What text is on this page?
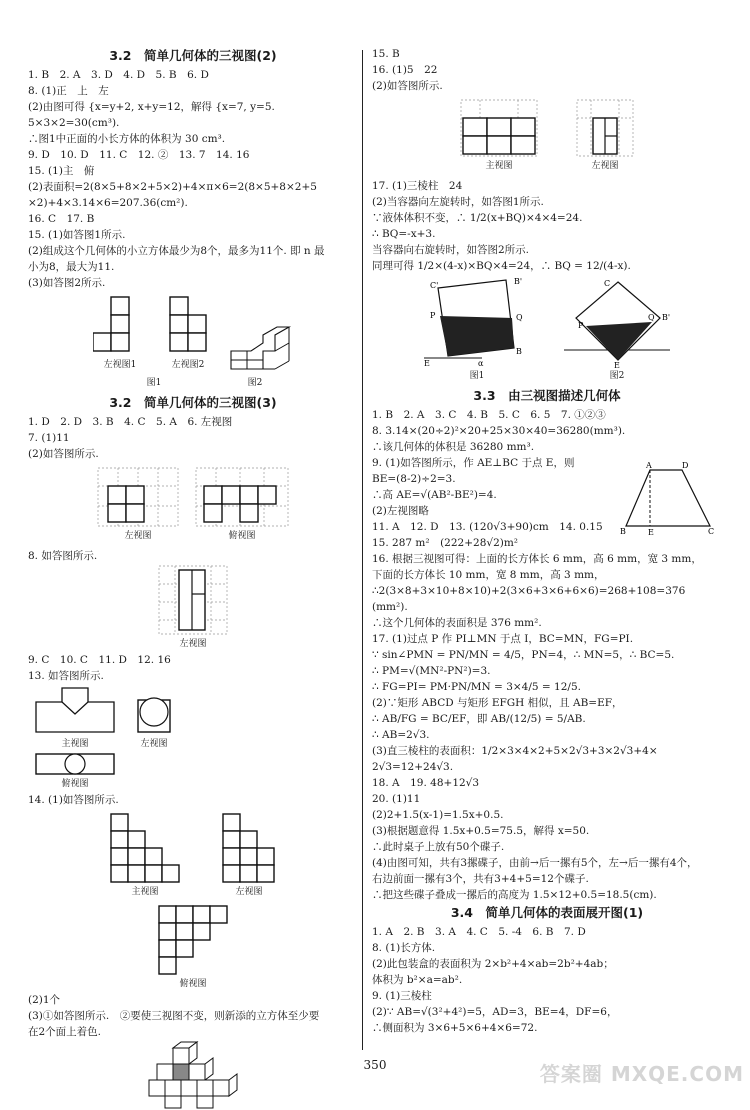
3.2　简单几何体的三视图(2)
1. B　2. A　3. D　4. D　5. B　6. D
8. (1)正　上　左
(2)由图可得 {x=y+2, x+y=12，解得 {x=7, y=5.
5×3×2=30(cm³).
∴图1中正面的小长方体的体积为 30 cm³.
9. D　10. D　11. C　12. ②　13. 7　14. 16
15. (1)主　俯
(2)表面积=2(8×5+8×2+5×2)+4×π×6=2(8×5+8×2+5
×2)+4×3.14×6=207.36(cm²).
16. C　17. B
15. (1)如答图1所示.
(2)组成这个几何体的小立方体最少为8个，最多为11个. 即 n 最
小为8，最大为11.
(3)如答图2所示.
左视图1	左视图2
图1	图2
3.2　简单几何体的三视图(3)
1. D　2. D　3. B　4. C　5. A　6. 左视图
7. (1)11
(2)如答图所示.
左视图	俯视图
8. 如答图所示.
左视图
9. C　10. C　11. D　12. 16
13. 如答图所示.
主视图	左视图
俯视图
14. (1)如答图所示.
主视图	左视图
俯视图
(2)1个
(3)①如答图所示.　②要使三视图不变，则新添的立方体至少要
在2个面上着色.
15. B
16. (1)5　22
(2)如答图所示.
主视图	左视图
17. (1)三棱柱　24
(2)当容器向左旋转时，如答图1所示.
∵液体体积不变，∴ 1/2(x+BQ)×4×4=24.
∴ BQ=-x+3.
当容器向右旋转时，如答图2所示.
同理可得 1/2×(4-x)×BQ×4=24，∴ BQ = 12/(4-x).
C'	B'
P	Q
E	α
B
图1
C
B'
P
Q
E
图2
3.3　由三视图描述几何体
1. B　2. A　3. C　4. B　5. C　6. 5　7. ①②③
8. 3.14×(20÷2)²×20+25×30×40=36280(mm³).
∴该几何体的体积是 36280 mm³.
9. (1)如答图所示，作 AE⊥BC 于点 E，则
BE=(8-2)÷2=3.
∴高 AE=√(AB²-BE²)=4.
(2)左视图略
A	D
B	E	C
11. A　12. D　13. (120√3+90)cm　14. 0.15
15. 287 m²　(222+28√2)m²
16. 根据三视图可得：上面的长方体长 6 mm，高 6 mm，宽 3 mm，
下面的长方体长 10 mm，宽 8 mm，高 3 mm，
∴2(3×8+3×10+8×10)+2(3×6+3×6+6×6)=268+108=376
(mm²).
∴这个几何体的表面积是 376 mm².
17. (1)过点 P 作 PI⊥MN 于点 I，BC=MN，FG=PI.
∵ sin∠PMN = PN/MN = 4/5，PN=4，∴ MN=5，∴ BC=5.
∴ PM=√(MN²-PN²)=3.
∴ FG=PI= PM·PN/MN = 3×4/5 = 12/5.
(2)∵矩形 ABCD 与矩形 EFGH 相似，且 AB=EF，
∴ AB/FG = BC/EF，即 AB/(12/5) = 5/AB.
∴ AB=2√3.
(3)直三棱柱的表面积：1/2×3×4×2+5×2√3+3×2√3+4×
2√3=12+24√3.
18. A　19. 48+12√3
20. (1)11
(2)2+1.5(x-1)=1.5x+0.5.
(3)根据题意得 1.5x+0.5=75.5，解得 x=50.
∴此时桌子上放有50个碟子.
(4)由图可知，共有3摞碟子，由前→后一摞有5个，左→后一摞有4个，
右边前面一摞有3个，共有3+4+5=12个碟子.
∴把这些碟子叠成一摞后的高度为 1.5×12+0.5=18.5(cm).
3.4　简单几何体的表面展开图(1)
1. A　2. B　3. A　4. C　5. -4　6. B　7. D
8. (1)长方体.
(2)此包装盒的表面积为 2×b²+4×ab=2b²+4ab；
体积为 b²×a=ab².
9. (1)三棱柱
(2)∵ AB=√(3²+4²)=5，AD=3，BE=4，DF=6，
∴侧面积为 3×6+5×6+4×6=72.
350	答案圈 MXQE.COM
